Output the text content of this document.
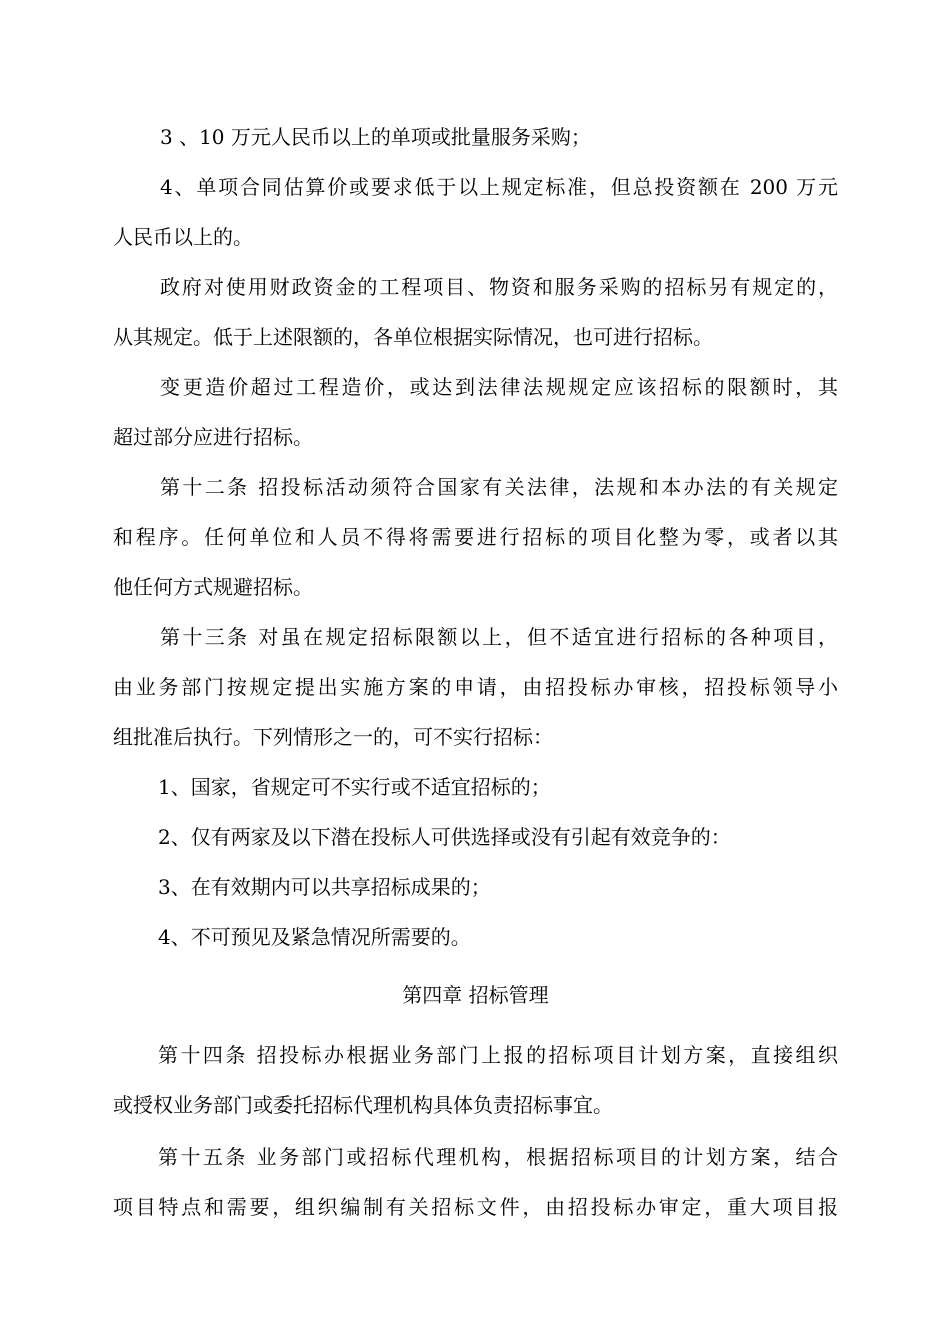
3 、10 万元人民币以上的单项或批量服务采购；
4、单项合同估算价或要求低于以上规定标准，但总投资额在 200 万元
人民币以上的。
政府对使用财政资金的工程项目、物资和服务采购的招标另有规定的，
从其规定。低于上述限额的，各单位根据实际情况，也可进行招标。
变更造价超过工程造价，或达到法律法规规定应该招标的限额时，其
超过部分应进行招标。
第十二条 招投标活动须符合国家有关法律，法规和本办法的有关规定
和程序。任何单位和人员不得将需要进行招标的项目化整为零，或者以其
他任何方式规避招标。
第十三条 对虽在规定招标限额以上，但不适宜进行招标的各种项目，
由业务部门按规定提出实施方案的申请，由招投标办审核，招投标领导小
组批准后执行。下列情形之一的，可不实行招标：
1、国家，省规定可不实行或不适宜招标的；
2、仅有两家及以下潜在投标人可供选择或没有引起有效竞争的：
3、在有效期内可以共享招标成果的；
4、不可预见及紧急情况所需要的。
第四章 招标管理
第十四条 招投标办根据业务部门上报的招标项目计划方案，直接组织
或授权业务部门或委托招标代理机构具体负责招标事宜。
第十五条 业务部门或招标代理机构，根据招标项目的计划方案，结合
项目特点和需要，组织编制有关招标文件，由招投标办审定，重大项目报
